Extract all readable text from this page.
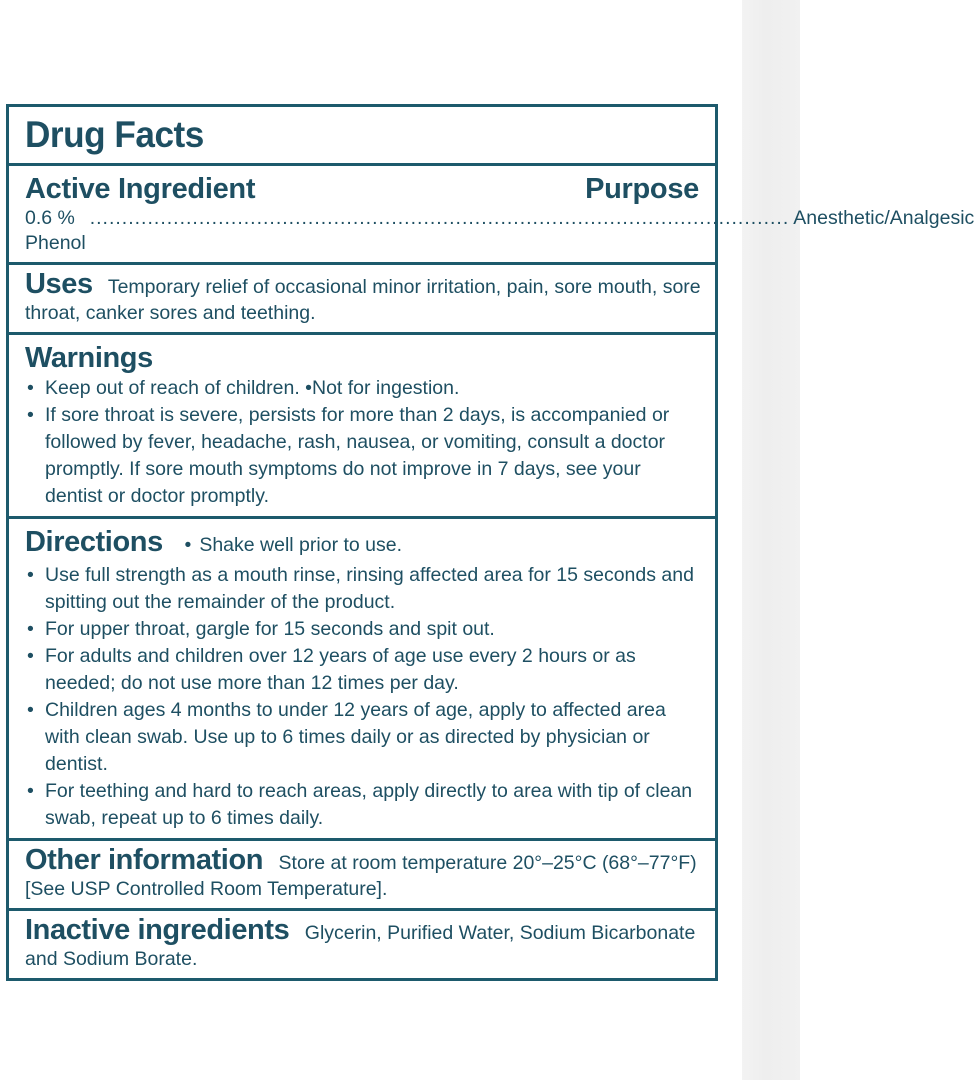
Drug Facts
Active Ingredient	Purpose
0.6 % Phenol
............................................................................................................. Anesthetic/Analgesic
Uses Temporary relief of occasional minor irritation, pain, sore mouth, sore throat, canker sores and teething.
Warnings
• Keep out of reach of children. • Not for ingestion.
• If sore throat is severe, persists for more than 2 days, is accompanied or followed by fever, headache, rash, nausea, or vomiting, consult a doctor promptly. If sore mouth symptoms do not improve in 7 days, see your dentist or doctor promptly.
Directions • Shake well prior to use.
• Use full strength as a mouth rinse, rinsing affected area for 15 seconds and spitting out the remainder of the product.
• For upper throat, gargle for 15 seconds and spit out.
• For adults and children over 12 years of age use every 2 hours or as needed; do not use more than 12 times per day.
• Children ages 4 months to under 12 years of age, apply to affected area with clean swab. Use up to 6 times daily or as directed by physician or dentist.
• For teething and hard to reach areas, apply directly to area with tip of clean swab, repeat up to 6 times daily.
Other information Store at room temperature 20°–25°C (68°–77°F) [See USP Controlled Room Temperature].
Inactive ingredients Glycerin, Purified Water, Sodium Bicarbonate and Sodium Borate.
